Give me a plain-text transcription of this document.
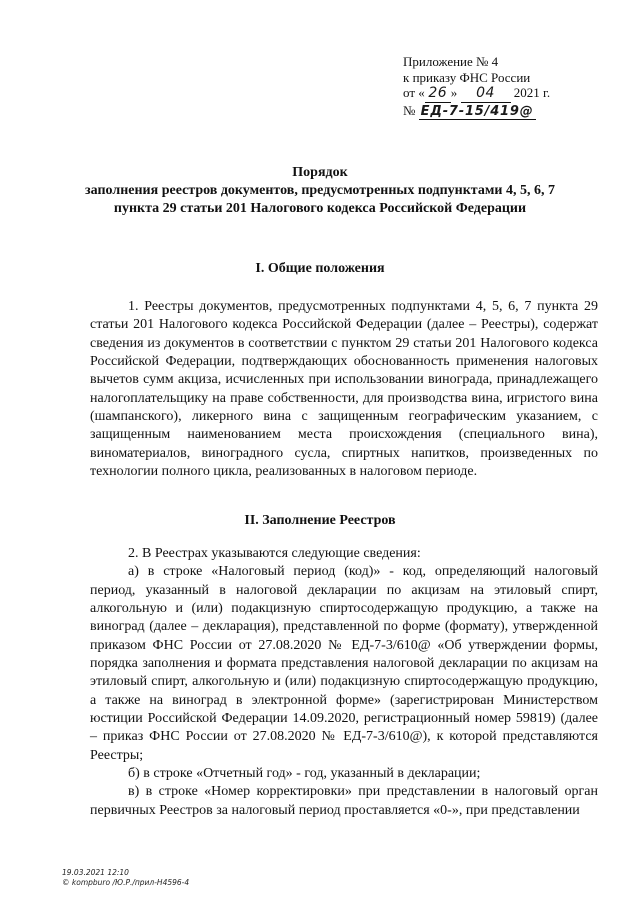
Приложение № 4
к приказу ФНС России
от « 26 » 04 2021 г.
№ ЕД-7-15/419@
Порядок
заполнения реестров документов, предусмотренных подпунктами 4, 5, 6, 7
пункта 29 статьи 201 Налогового кодекса Российской Федерации
I. Общие положения

1. Реестры документов, предусмотренных подпунктами 4, 5, 6, 7 пункта 29 статьи 201 Налогового кодекса Российской Федерации (далее – Реестры), содержат сведения из документов в соответствии с пунктом 29 статьи 201 Налогового кодекса Российской Федерации, подтверждающих обоснованность применения налоговых вычетов сумм акциза, исчисленных при использовании винограда, принадлежащего налогоплательщику на праве собственности, для производства вина, игристого вина (шампанского), ликерного вина с защищенным географическим указанием, с защищенным наименованием места происхождения (специального вина), виноматериалов, виноградного сусла, спиртных напитков, произведенных по технологии полного цикла, реализованных в налоговом периоде.

II. Заполнение Реестров

2. В Реестрах указываются следующие сведения:

а) в строке «Налоговый период (код)» - код, определяющий налоговый период, указанный в налоговой декларации по акцизам на этиловый спирт, алкогольную и (или) подакцизную спиртосодержащую продукцию, а также на виноград (далее – декларация), представленной по форме (формату), утвержденной приказом ФНС России от 27.08.2020 № ЕД-7-3/610@ «Об утверждении формы, порядка заполнения и формата представления налоговой декларации по акцизам на этиловый спирт, алкогольную и (или) подакцизную спиртосодержащую продукцию, а также на виноград в электронной форме» (зарегистрирован Министерством юстиции Российской Федерации 14.09.2020, регистрационный номер 59819) (далее – приказ ФНС России от 27.08.2020 № ЕД-7-3/610@), к которой представляются Реестры;

б) в строке «Отчетный год» - год, указанный в декларации;

в) в строке «Номер корректировки» при представлении в налоговый орган первичных Реестров за налоговый период проставляется «0-», при представлении

19.03.2021 12:10
© kompburo /Ю.Р./прил-Н4596-4
